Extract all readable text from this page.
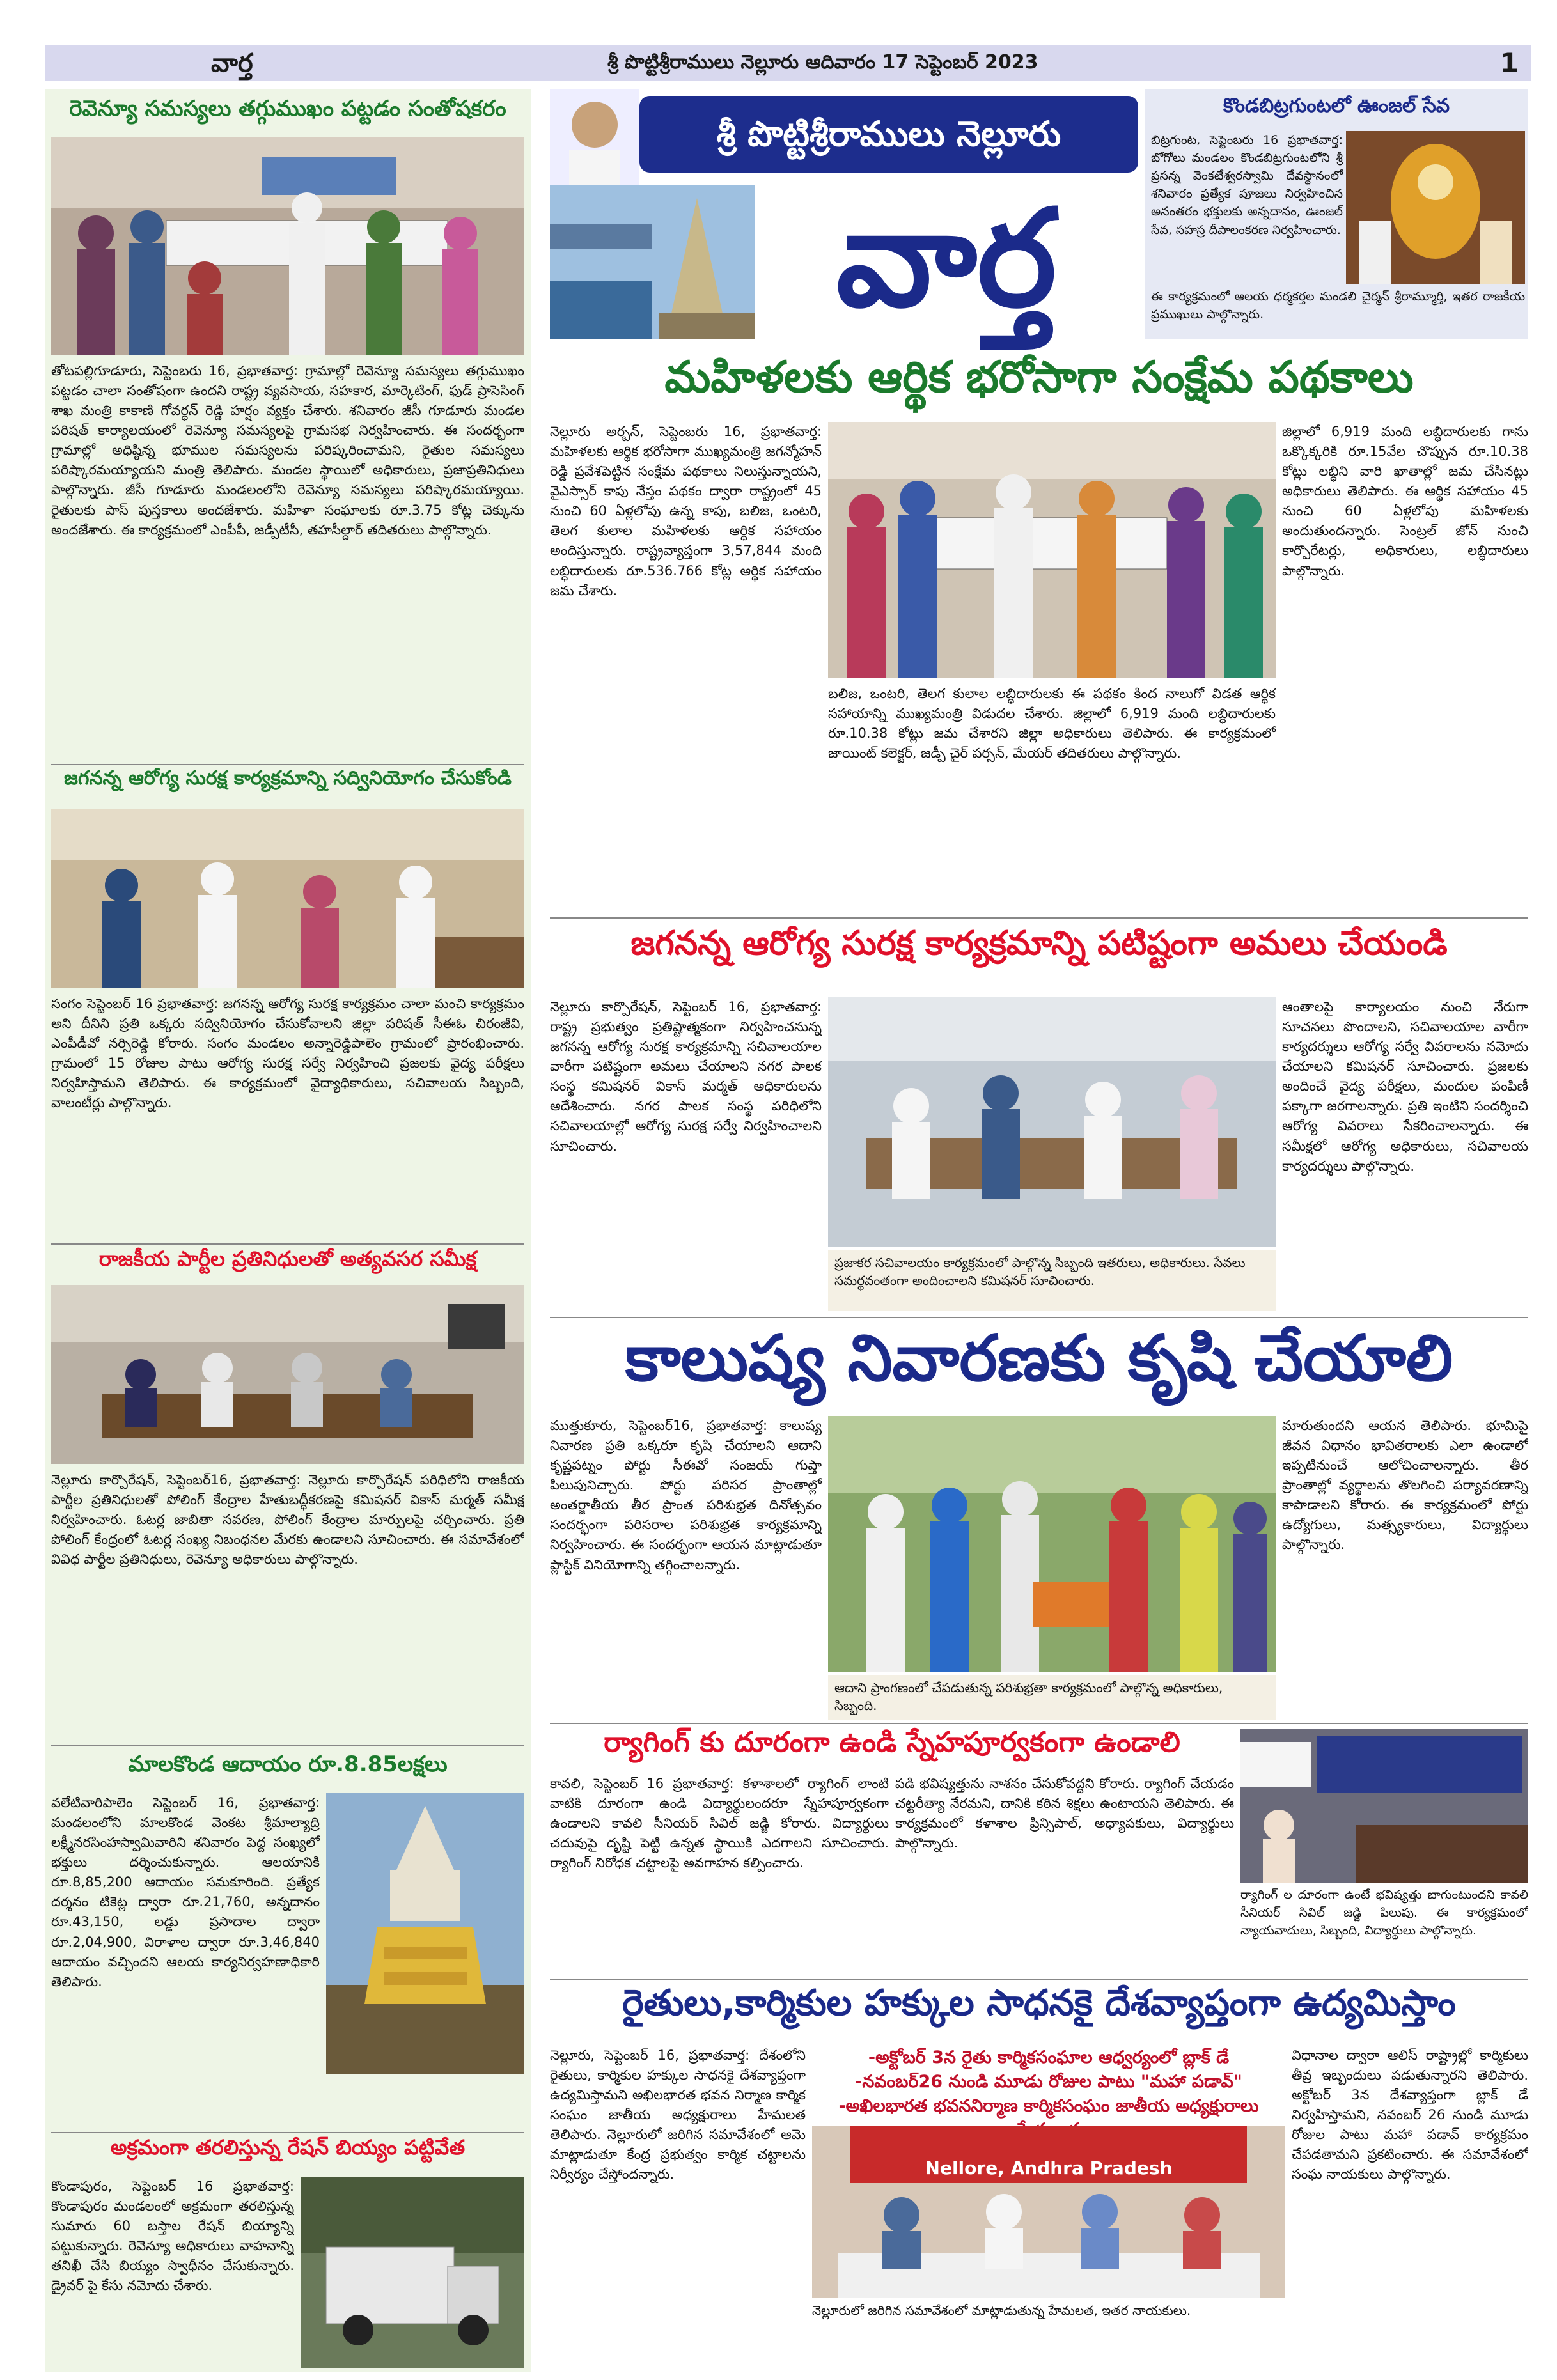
వార్త	శ్రీ పొట్టిశ్రీరాములు నెల్లూరు ఆదివారం 17 సెప్టెంబర్ 2023	1
రెవెన్యూ సమస్యలు తగ్గుముఖం పట్టడం సంతోషకరం
తోటపల్లిగూడూరు, సెప్టెంబరు 16, ప్రభాతవార్త: గ్రామాల్లో రెవెన్యూ సమస్యలు తగ్గుముఖం పట్టడం చాలా సంతోషంగా ఉందని రాష్ట్ర వ్యవసాయ, సహకార, మార్కెటింగ్, ఫుడ్ ప్రాసెసింగ్ శాఖ మంత్రి కాకాణి గోవర్ధన్ రెడ్డి హర్షం వ్యక్తం చేశారు. శనివారం జీసీ గూడూరు మండల పరిషత్ కార్యాలయంలో రెవెన్యూ సమస్యలపై గ్రామసభ నిర్వహించారు. ఈ సందర్భంగా గ్రామాల్లో అధిష్ఠిన్న భూముల సమస్యలను పరిష్కరించామని, రైతుల సమస్యలు పరిష్కారమయ్యాయని మంత్రి తెలిపారు. మండల స్థాయిలో అధికారులు, ప్రజాప్రతినిధులు పాల్గొన్నారు. జీసీ గూడూరు మండలంలోని రెవెన్యూ సమస్యలు పరిష్కారమయ్యాయి. రైతులకు పాస్ పుస్తకాలు అందజేశారు. మహిళా సంఘాలకు రూ.3.75 కోట్ల చెక్కును అందజేశారు. ఈ కార్యక్రమంలో ఎంపీపీ, జడ్పీటీసీ, తహసీల్దార్ తదితరులు పాల్గొన్నారు.
జగనన్న ఆరోగ్య సురక్ష కార్యక్రమాన్ని సద్వినియోగం చేసుకోండి
సంగం సెప్టెంబర్ 16 ప్రభాతవార్త: జగనన్న ఆరోగ్య సురక్ష కార్యక్రమం చాలా మంచి కార్యక్రమం అని దీనిని ప్రతి ఒక్కరు సద్వినియోగం చేసుకోవాలని జిల్లా పరిషత్ సీఈఓ చిరంజీవి, ఎంపీడీవో నర్సిరెడ్డి కోరారు. సంగం మండలం అన్నారెడ్డిపాలెం గ్రామంలో ప్రారంభించారు. గ్రామంలో 15 రోజుల పాటు ఆరోగ్య సురక్ష సర్వే నిర్వహించి ప్రజలకు వైద్య పరీక్షలు నిర్వహిస్తామని తెలిపారు. ఈ కార్యక్రమంలో వైద్యాధికారులు, సచివాలయ సిబ్బంది, వాలంటీర్లు పాల్గొన్నారు.
రాజకీయ పార్టీల ప్రతినిధులతో అత్యవసర సమీక్ష
నెల్లూరు కార్పొరేషన్, సెప్టెంబర్16, ప్రభాతవార్త: నెల్లూరు కార్పొరేషన్ పరిధిలోని రాజకీయ పార్టీల ప్రతినిధులతో పోలింగ్ కేంద్రాల హేతుబద్ధీకరణపై కమిషనర్ వికాస్ మర్మత్ సమీక్ష నిర్వహించారు. ఓటర్ల జాబితా సవరణ, పోలింగ్ కేంద్రాల మార్పులపై చర్చించారు. ప్రతి పోలింగ్ కేంద్రంలో ఓటర్ల సంఖ్య నిబంధనల మేరకు ఉండాలని సూచించారు. ఈ సమావేశంలో వివిధ పార్టీల ప్రతినిధులు, రెవెన్యూ అధికారులు పాల్గొన్నారు.
మాలకొండ ఆదాయం రూ.8.85లక్షలు
వలేటివారిపాలెం సెప్టెంబర్ 16, ప్రభాతవార్త: మండలంలోని మాలకొండ వెంకట శ్రీమాల్యాద్రి లక్ష్మీనరసింహస్వామివారిని శనివారం పెద్ద సంఖ్యలో భక్తులు దర్శించుకున్నారు. ఆలయానికి రూ.8,85,200 ఆదాయం సమకూరింది. ప్రత్యేక దర్శనం టికెట్ల ద్వారా రూ.21,760, అన్నదానం రూ.43,150, లడ్డు ప్రసాదాల ద్వారా రూ.2,04,900, విరాళాల ద్వారా రూ.3,46,840 ఆదాయం వచ్చిందని ఆలయ కార్యనిర్వహణాధికారి తెలిపారు.
అక్రమంగా తరలిస్తున్న రేషన్ బియ్యం పట్టివేత
కొండాపురం, సెప్టెంబర్ 16 ప్రభాతవార్త: కొండాపురం మండలంలో అక్రమంగా తరలిస్తున్న సుమారు 60 బస్తాల రేషన్ బియ్యాన్ని పట్టుకున్నారు. రెవెన్యూ అధికారులు వాహనాన్ని తనిఖీ చేసి బియ్యం స్వాధీనం చేసుకున్నారు. డ్రైవర్ పై కేసు నమోదు చేశారు.
శ్రీ పొట్టిశ్రీరాములు నెల్లూరు
వార్త
కొండబిట్రగుంటలో ఊంజల్ సేవ
బిట్రగుంట, సెప్టెంబరు 16 ప్రభాతవార్త: బోగోలు మండలం కొండబిట్రగుంటలోని శ్రీ ప్రసన్న వెంకటేశ్వరస్వామి దేవస్థానంలో శనివారం ప్రత్యేక పూజలు నిర్వహించిన అనంతరం భక్తులకు అన్నదానం, ఊంజల్ సేవ, సహస్ర దీపాలంకరణ నిర్వహించారు.
ఈ కార్యక్రమంలో ఆలయ ధర్మకర్తల మండలి చైర్మన్ శ్రీరామ్మూర్తి, ఇతర రాజకీయ ప్రముఖులు పాల్గొన్నారు.
మహిళలకు ఆర్థిక భరోసాగా సంక్షేమ పథకాలు
నెల్లూరు అర్బన్, సెప్టెంబరు 16, ప్రభాతవార్త: మహిళలకు ఆర్థిక భరోసాగా ముఖ్యమంత్రి జగన్మోహన్ రెడ్డి ప్రవేశపెట్టిన సంక్షేమ పథకాలు నిలుస్తున్నాయని, వైఎస్సార్ కాపు నేస్తం పథకం ద్వారా రాష్ట్రంలో 45 నుంచి 60 ఏళ్లలోపు ఉన్న కాపు, బలిజ, ఒంటరి, తెలగ కులాల మహిళలకు ఆర్థిక సహాయం అందిస్తున్నారు. రాష్ట్రవ్యాప్తంగా 3,57,844 మంది లబ్ధిదారులకు రూ.536.766 కోట్ల ఆర్థిక సహాయం జమ చేశారు.
బలిజ, ఒంటరి, తెలగ కులాల లబ్ధిదారులకు ఈ పథకం కింద నాలుగో విడత ఆర్థిక సహాయాన్ని ముఖ్యమంత్రి విడుదల చేశారు. జిల్లాలో 6,919 మంది లబ్ధిదారులకు రూ.10.38 కోట్లు జమ చేశారని జిల్లా అధికారులు తెలిపారు. ఈ కార్యక్రమంలో జాయింట్ కలెక్టర్, జడ్పీ చైర్ పర్సన్, మేయర్ తదితరులు పాల్గొన్నారు.
జిల్లాలో 6,919 మంది లబ్ధిదారులకు గాను ఒక్కొక్కరికి రూ.15వేల చొప్పున రూ.10.38 కోట్లు లబ్ధిని వారి ఖాతాల్లో జమ చేసినట్లు అధికారులు తెలిపారు. ఈ ఆర్థిక సహాయం 45 నుంచి 60 ఏళ్లలోపు మహిళలకు అందుతుందన్నారు. సెంట్రల్ జోన్ నుంచి కార్పొరేటర్లు, అధికారులు, లబ్ధిదారులు పాల్గొన్నారు.
జగనన్న ఆరోగ్య సురక్ష కార్యక్రమాన్ని పటిష్టంగా అమలు చేయండి
నెల్లూరు కార్పొరేషన్, సెప్టెంబర్ 16, ప్రభాతవార్త: రాష్ట్ర ప్రభుత్వం ప్రతిష్టాత్మకంగా నిర్వహించనున్న జగనన్న ఆరోగ్య సురక్ష కార్యక్రమాన్ని సచివాలయాల వారీగా పటిష్టంగా అమలు చేయాలని నగర పాలక సంస్థ కమిషనర్ వికాస్ మర్మత్ అధికారులను ఆదేశించారు. నగర పాలక సంస్థ పరిధిలోని సచివాలయాల్లో ఆరోగ్య సురక్ష సర్వే నిర్వహించాలని సూచించారు.
ప్రజాకర సచివాలయం కార్యక్రమంలో పాల్గొన్న సిబ్బంది ఇతరులు, అధికారులు. సేవలు సమర్థవంతంగా అందించాలని కమిషనర్ సూచించారు.
ఆంతాలపై కార్యాలయం నుంచి నేరుగా సూచనలు పొందాలని, సచివాలయాల వారీగా కార్యదర్శులు ఆరోగ్య సర్వే వివరాలను నమోదు చేయాలని కమిషనర్ సూచించారు. ప్రజలకు అందించే వైద్య పరీక్షలు, మందుల పంపిణీ పక్కాగా జరగాలన్నారు. ప్రతి ఇంటిని సందర్శించి ఆరోగ్య వివరాలు సేకరించాలన్నారు. ఈ సమీక్షలో ఆరోగ్య అధికారులు, సచివాలయ కార్యదర్శులు పాల్గొన్నారు.
కాలుష్య నివారణకు కృషి చేయాలి
ముత్తుకూరు, సెప్టెంబర్16, ప్రభాతవార్త: కాలుష్య నివారణ ప్రతి ఒక్కరూ కృషి చేయాలని ఆదాని కృష్ణపట్నం పోర్టు సీఈవో సంజయ్ గుప్తా పిలుపునిచ్చారు. పోర్టు పరిసర ప్రాంతాల్లో అంతర్జాతీయ తీర ప్రాంత పరిశుభ్రత దినోత్సవం సందర్భంగా పరిసరాల పరిశుభ్రత కార్యక్రమాన్ని నిర్వహించారు. ఈ సందర్భంగా ఆయన మాట్లాడుతూ ప్లాస్టిక్ వినియోగాన్ని తగ్గించాలన్నారు.
ఆదాని ప్రాంగణంలో చేపడుతున్న పరిశుభ్రతా కార్యక్రమంలో పాల్గొన్న అధికారులు, సిబ్బంది.
మారుతుందని ఆయన తెలిపారు. భూమిపై జీవన విధానం భావితరాలకు ఎలా ఉండాలో ఇప్పటినుంచే ఆలోచించాలన్నారు. తీర ప్రాంతాల్లో వ్యర్థాలను తొలగించి పర్యావరణాన్ని కాపాడాలని కోరారు. ఈ కార్యక్రమంలో పోర్టు ఉద్యోగులు, మత్స్యకారులు, విద్యార్థులు పాల్గొన్నారు.
ర్యాగింగ్ కు దూరంగా ఉండి స్నేహపూర్వకంగా ఉండాలి
కావలి, సెప్టెంబర్ 16 ప్రభాతవార్త: కళాశాలలో ర్యాగింగ్ లాంటి వాటికి దూరంగా ఉండి విద్యార్థులందరూ స్నేహపూర్వకంగా ఉండాలని కావలి సీనియర్ సివిల్ జడ్జి కోరారు. విద్యార్థులు చదువుపై దృష్టి పెట్టి ఉన్నత స్థాయికి ఎదగాలని సూచించారు. ర్యాగింగ్ నిరోధక చట్టాలపై అవగాహన కల్పించారు.
పడి భవిష్యత్తును నాశనం చేసుకోవద్దని కోరారు. ర్యాగింగ్ చేయడం చట్టరీత్యా నేరమని, దానికి కఠిన శిక్షలు ఉంటాయని తెలిపారు. ఈ కార్యక్రమంలో కళాశాల ప్రిన్సిపాల్, అధ్యాపకులు, విద్యార్థులు పాల్గొన్నారు.
ర్యాగింగ్ ల దూరంగా ఉంటే భవిష్యత్తు బాగుంటుందని కావలి సీనియర్ సివిల్ జడ్జి పిలుపు. ఈ కార్యక్రమంలో న్యాయవాదులు, సిబ్బంది, విద్యార్థులు పాల్గొన్నారు.
రైతులు,కార్మికుల హక్కుల సాధనకై దేశవ్యాప్తంగా ఉద్యమిస్తాం
నెల్లూరు, సెప్టెంబర్ 16, ప్రభాతవార్త: దేశంలోని రైతులు, కార్మికుల హక్కుల సాధనకై దేశవ్యాప్తంగా ఉద్యమిస్తామని అఖిలభారత భవన నిర్మాణ కార్మిక సంఘం జాతీయ అధ్యక్షురాలు హేమలత తెలిపారు. నెల్లూరులో జరిగిన సమావేశంలో ఆమె మాట్లాడుతూ కేంద్ర ప్రభుత్వం కార్మిక చట్టాలను నిర్వీర్యం చేస్తోందన్నారు.
-అక్టోబర్ 3న రైతు కార్మికసంఘాల ఆధ్వర్యంలో బ్లాక్ డే
-నవంబర్26 నుండి మూడు రోజుల పాటు "మహా పడావ్"
-అఖిలభారత భవననిర్మాణ కార్మికసంఘం జాతీయ అధ్యక్షురాలు
Nellore, Andhra Pradesh
నెల్లూరులో జరిగిన సమావేశంలో మాట్లాడుతున్న హేమలత, ఇతర నాయకులు.
విధానాల ద్వారా ఆలిస్ రాష్ట్రాల్లో కార్మికులు తీవ్ర ఇబ్బందులు పడుతున్నారని తెలిపారు. అక్టోబర్ 3న దేశవ్యాప్తంగా బ్లాక్ డే నిర్వహిస్తామని, నవంబర్ 26 నుండి మూడు రోజుల పాటు మహా పడావ్ కార్యక్రమం చేపడతామని ప్రకటించారు. ఈ సమావేశంలో సంఘ నాయకులు పాల్గొన్నారు.
